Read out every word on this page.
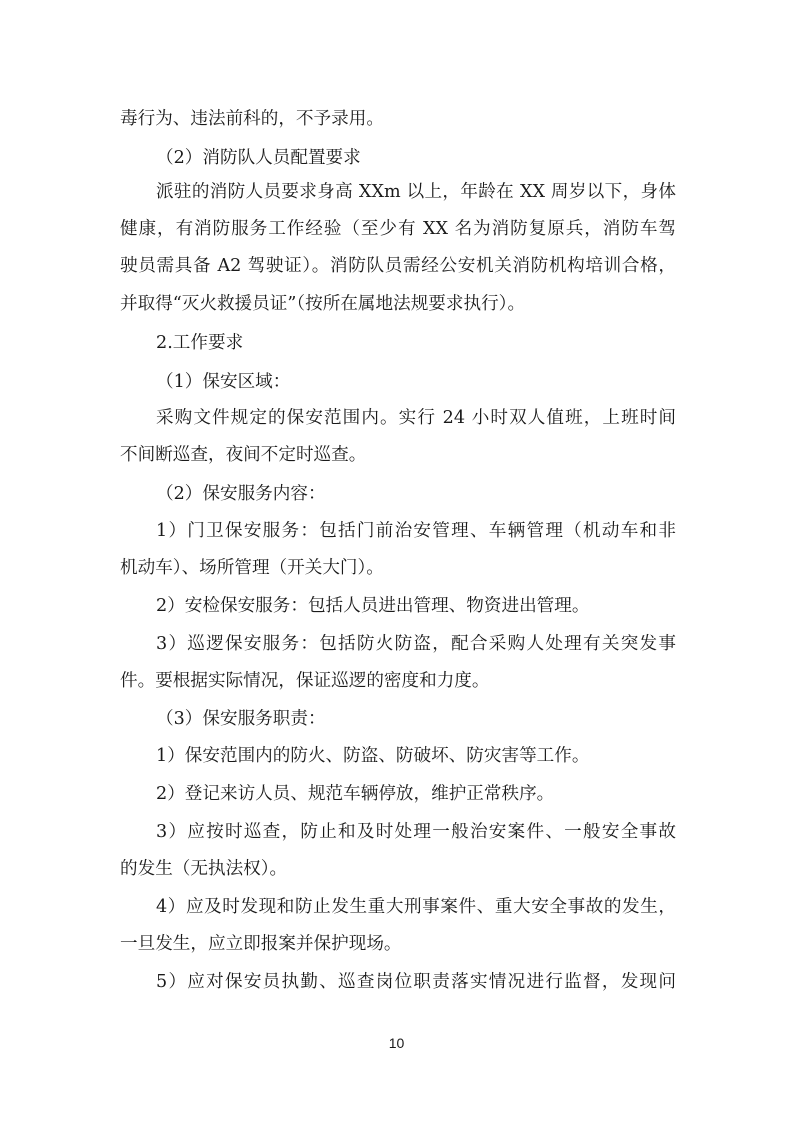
毒行为、违法前科的，不予录用。
（2）消防队人员配置要求
派驻的消防人员要求身高 XXm 以上，年龄在 XX 周岁以下，身体
健康，有消防服务工作经验（至少有 XX 名为消防复原兵，消防车驾
驶员需具备 A2 驾驶证）。消防队员需经公安机关消防机构培训合格，
并取得“灭火救援员证”（按所在属地法规要求执行）。
2.工作要求
（1）保安区域：
采购文件规定的保安范围内。实行 24 小时双人值班，上班时间
不间断巡查，夜间不定时巡查。
（2）保安服务内容：
1）门卫保安服务：包括门前治安管理、车辆管理（机动车和非
机动车）、场所管理（开关大门）。
2）安检保安服务：包括人员进出管理、物资进出管理。
3）巡逻保安服务：包括防火防盗，配合采购人处理有关突发事
件。要根据实际情况，保证巡逻的密度和力度。
（3）保安服务职责：
1）保安范围内的防火、防盗、防破坏、防灾害等工作。
2）登记来访人员、规范车辆停放，维护正常秩序。
3）应按时巡查，防止和及时处理一般治安案件、一般安全事故
的发生（无执法权）。
4）应及时发现和防止发生重大刑事案件、重大安全事故的发生，
一旦发生，应立即报案并保护现场。
5）应对保安员执勤、巡查岗位职责落实情况进行监督，发现问
10
